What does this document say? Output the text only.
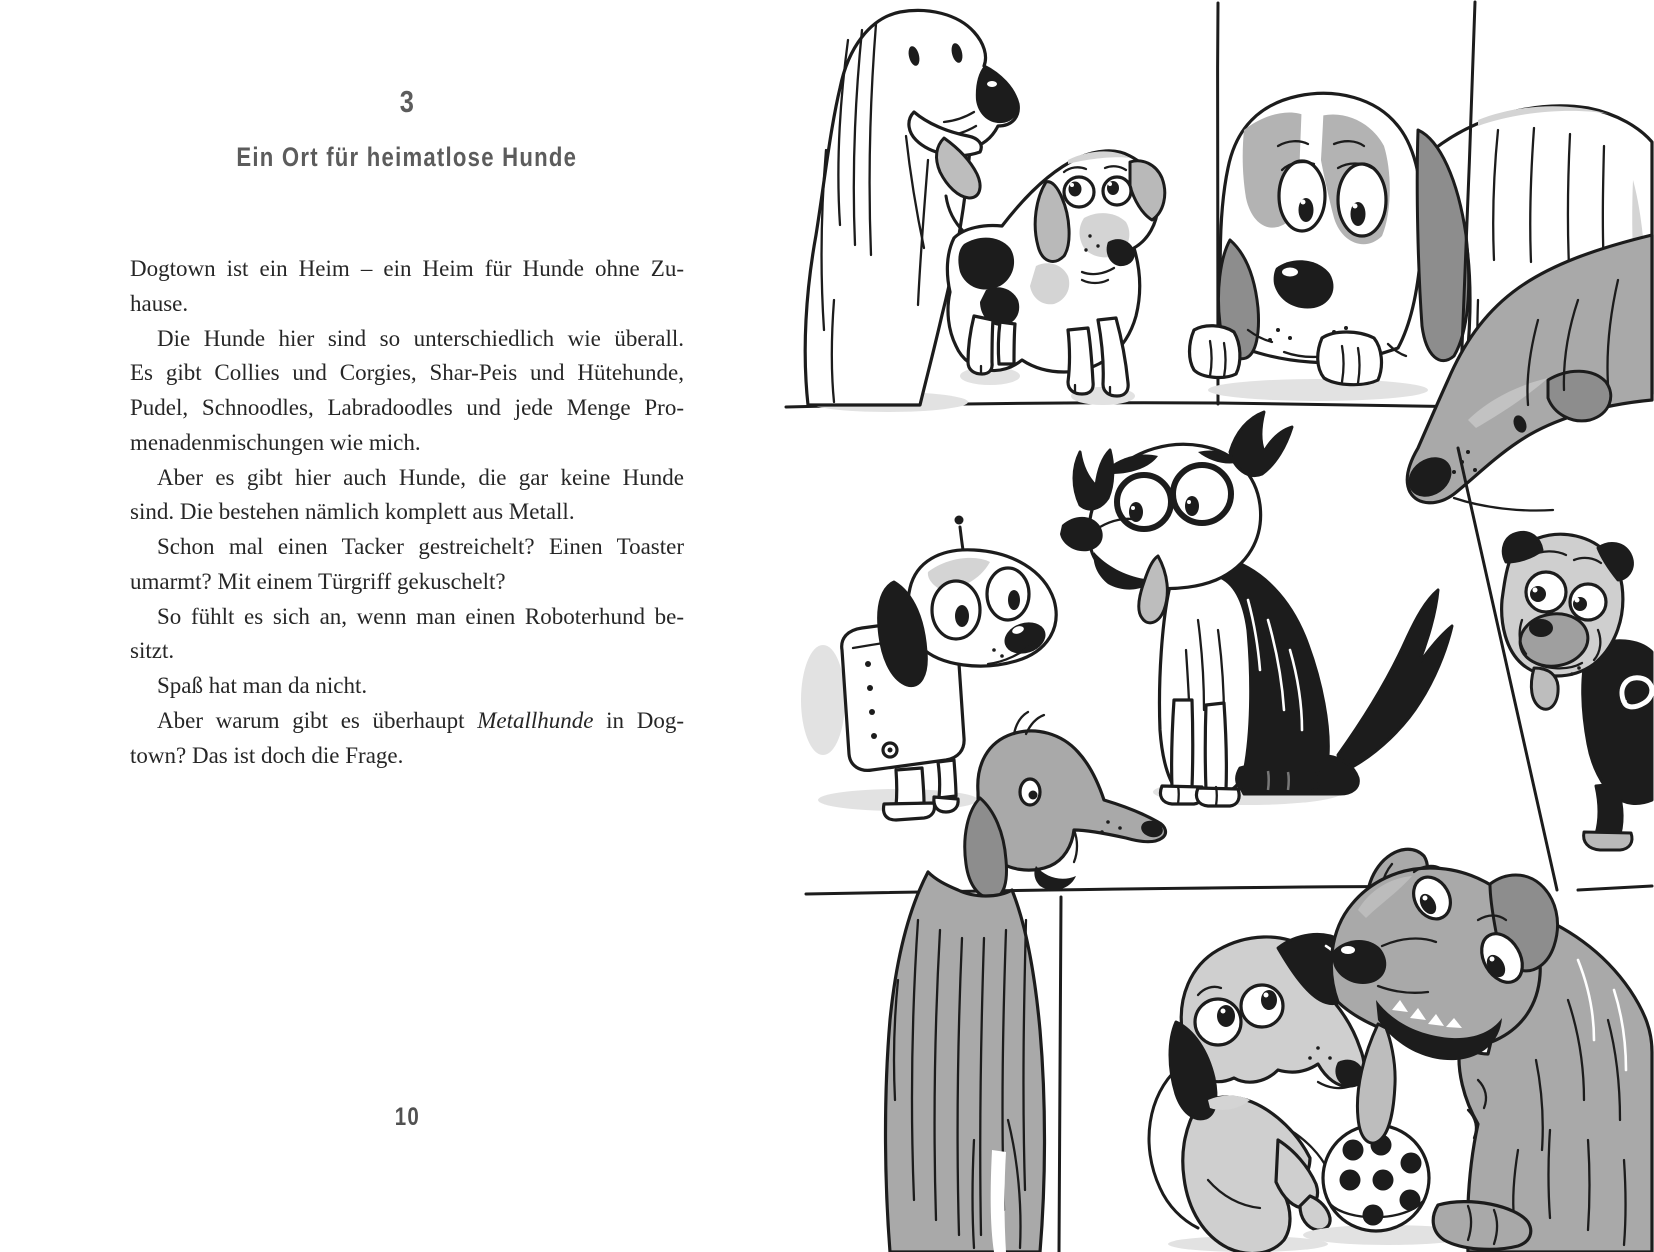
3
Ein Ort für heimatlose Hunde
Dogtown ist ein Heim – ein Heim für Hunde ohne Zu-
hause.
Die Hunde hier sind so unterschiedlich wie überall.
Es gibt Collies und Corgies, Shar-Peis und Hütehunde,
Pudel, Schnoodles, Labradoodles und jede Menge Pro-
menadenmischungen wie mich.
Aber es gibt hier auch Hunde, die gar keine Hunde
sind. Die bestehen nämlich komplett aus Metall.
Schon mal einen Tacker gestreichelt? Einen Toaster
umarmt? Mit einem Türgriff gekuschelt?
So fühlt es sich an, wenn man einen Roboterhund be-
sitzt.
Spaß hat man da nicht.
Aber warum gibt es überhaupt Metallhunde in Dog-
town? Das ist doch die Frage.
10
